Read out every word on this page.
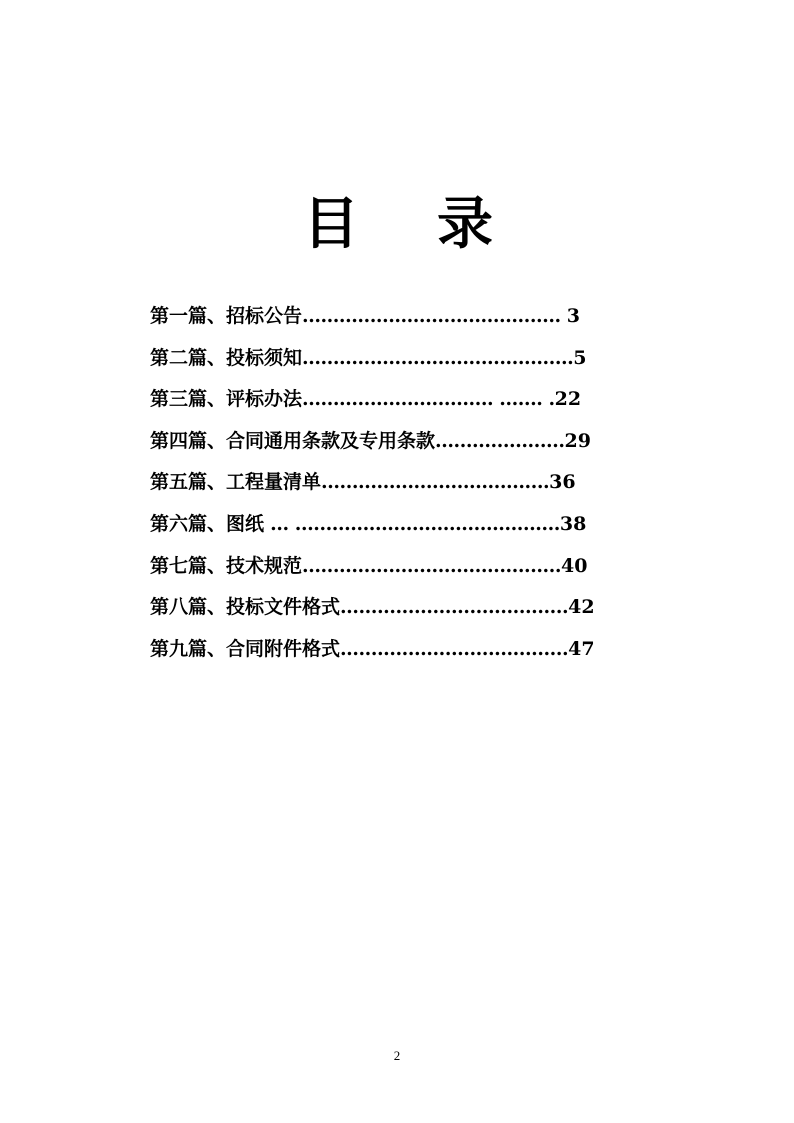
目 录
第一篇、招标公告…...………....…….……………. 3
第二篇、投标须知……………………………………..5
第三篇、评标办法…………………………. ……. .22
第四篇、合同通用条款及专用条款…………………29
第五篇、工程量清单……………………………….36
第六篇、图纸 … …………………………………….38
第七篇、技术规范……………………………………40
第八篇、投标文件格式.………………………………42
第九篇、合同附件格式.………………………………47
2
